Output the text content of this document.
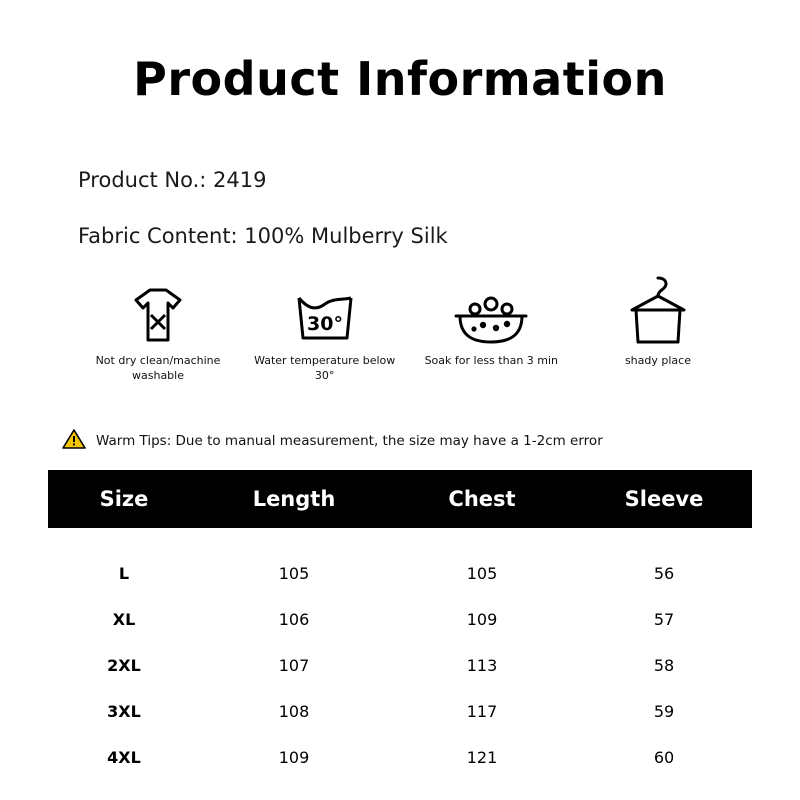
Product Information
Product No.: 2419
Fabric Content: 100% Mulberry Silk
Not dry clean/machine washable
30°
Water temperature below 30°
Soak for less than 3 min	shady place
Warm Tips: Due to manual measurement, the size may have a 1-2cm error
Size	Length	Chest	Sleeve
L	105	105	56
XL	106	109	57
2XL	107	113	58
3XL	108	117	59
4XL	109	121	60
